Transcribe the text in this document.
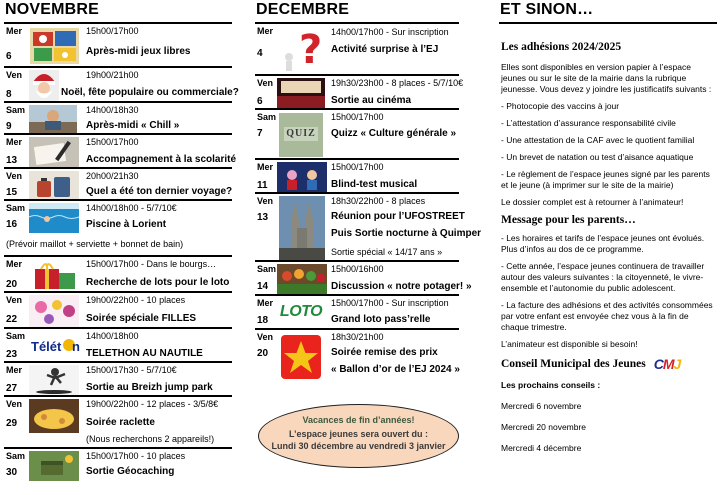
NOVEMBRE
Mer
6
15h00/17h00
Après-midi jeux libres
Ven
8
19h00/21h00
Noël, fête populaire ou commerciale?
Sam
9
14h00/18h30
Après-midi « Chill »
Mer
13
15h00/17h00
Accompagnement à la scolarité
Ven
15
20h00/21h30
Quel a été ton dernier voyage?
Sam
16
14h00/18h00 - 5/7/10€
Piscine à Lorient
(Prévoir maillot + serviette + bonnet de bain)
Mer
20
15h00/17h00 - Dans le bourgs…
Recherche de lots pour le loto
Ven
22
19h00/22h00 - 10 places
Soirée spéciale FILLES
Sam
23
Télét n
14h00/18h00
TELETHON AU NAUTILE
Mer
27
15h00/17h30 - 5/7/10€
Sortie au Breizh jump park
Ven
29
19h00/22h00 - 12 places - 3/5/8€
Soirée raclette
(Nous recherchons 2 appareils!)
Sam
30
15h00/17h00 - 10 places
Sortie Géocaching
DECEMBRE
Mer
4 ? 14h00/17h00 - Sur inscription
Activité surprise à l’EJ
Ven
6
19h30/23h00 - 8 places - 5/7/10€
Sortie au cinéma
Sam
7	QUIZ
15h00/17h00
Quizz « Culture générale »
Mer
11
15h00/17h00
Blind-test musical
Ven
13
18h30/22h00 - 8 places
Réunion pour l’UFOSTREET
Puis Sortie nocturne à Quimper
Sortie spécial « 14/17 ans »
Sam
14
15h00/16h00
Discussion « notre potager! »
Mer
18
LOTO 15h00/17h00 - Sur inscription
Grand loto pass’relle
Ven
20
18h30/21h00
Soirée remise des prix
« Ballon d’or de l’EJ 2024 »

Vacances de fin d’années!

L’espace jeunes sera ouvert du :

Lundi 30 décembre au vendredi 3 janvier

ET SINON…
Les adhésions 2024/2025

Elles sont disponibles en version papier à l’espace jeunes ou sur le site de la mairie dans la rubrique jeunesse. Vous devez y joindre les justificatifs suivants :

- Photocopie des vaccins à jour

- L’attestation d’assurance responsabilité civile

- Une attestation de la CAF avec le quotient familial

- Un brevet de natation ou test d’aisance aquatique

- Le règlement de l’espace jeunes signé par les parents et le jeune (à imprimer sur le site de la mairie)

Le dossier complet est à retourner à l’animateur!

Message pour les parents…

- Les horaires et tarifs de l’espace jeunes ont évolués. Plus d’infos au dos de ce programme.

- Cette année, l’espace jeunes continuera de travailler autour des valeurs suivantes : la citoyenneté, le vivre-ensemble et l’autonomie du public adolescent.

- La facture des adhésions et des activités consommées par votre enfant est envoyée chez vous à la fin de chaque trimestre.

L’animateur est disponible si besoin!

Conseil Municipal des Jeunes CMJ

Les prochains conseils :

Mercredi 6 novembre

Mercredi 20 novembre

Mercredi 4 décembre
